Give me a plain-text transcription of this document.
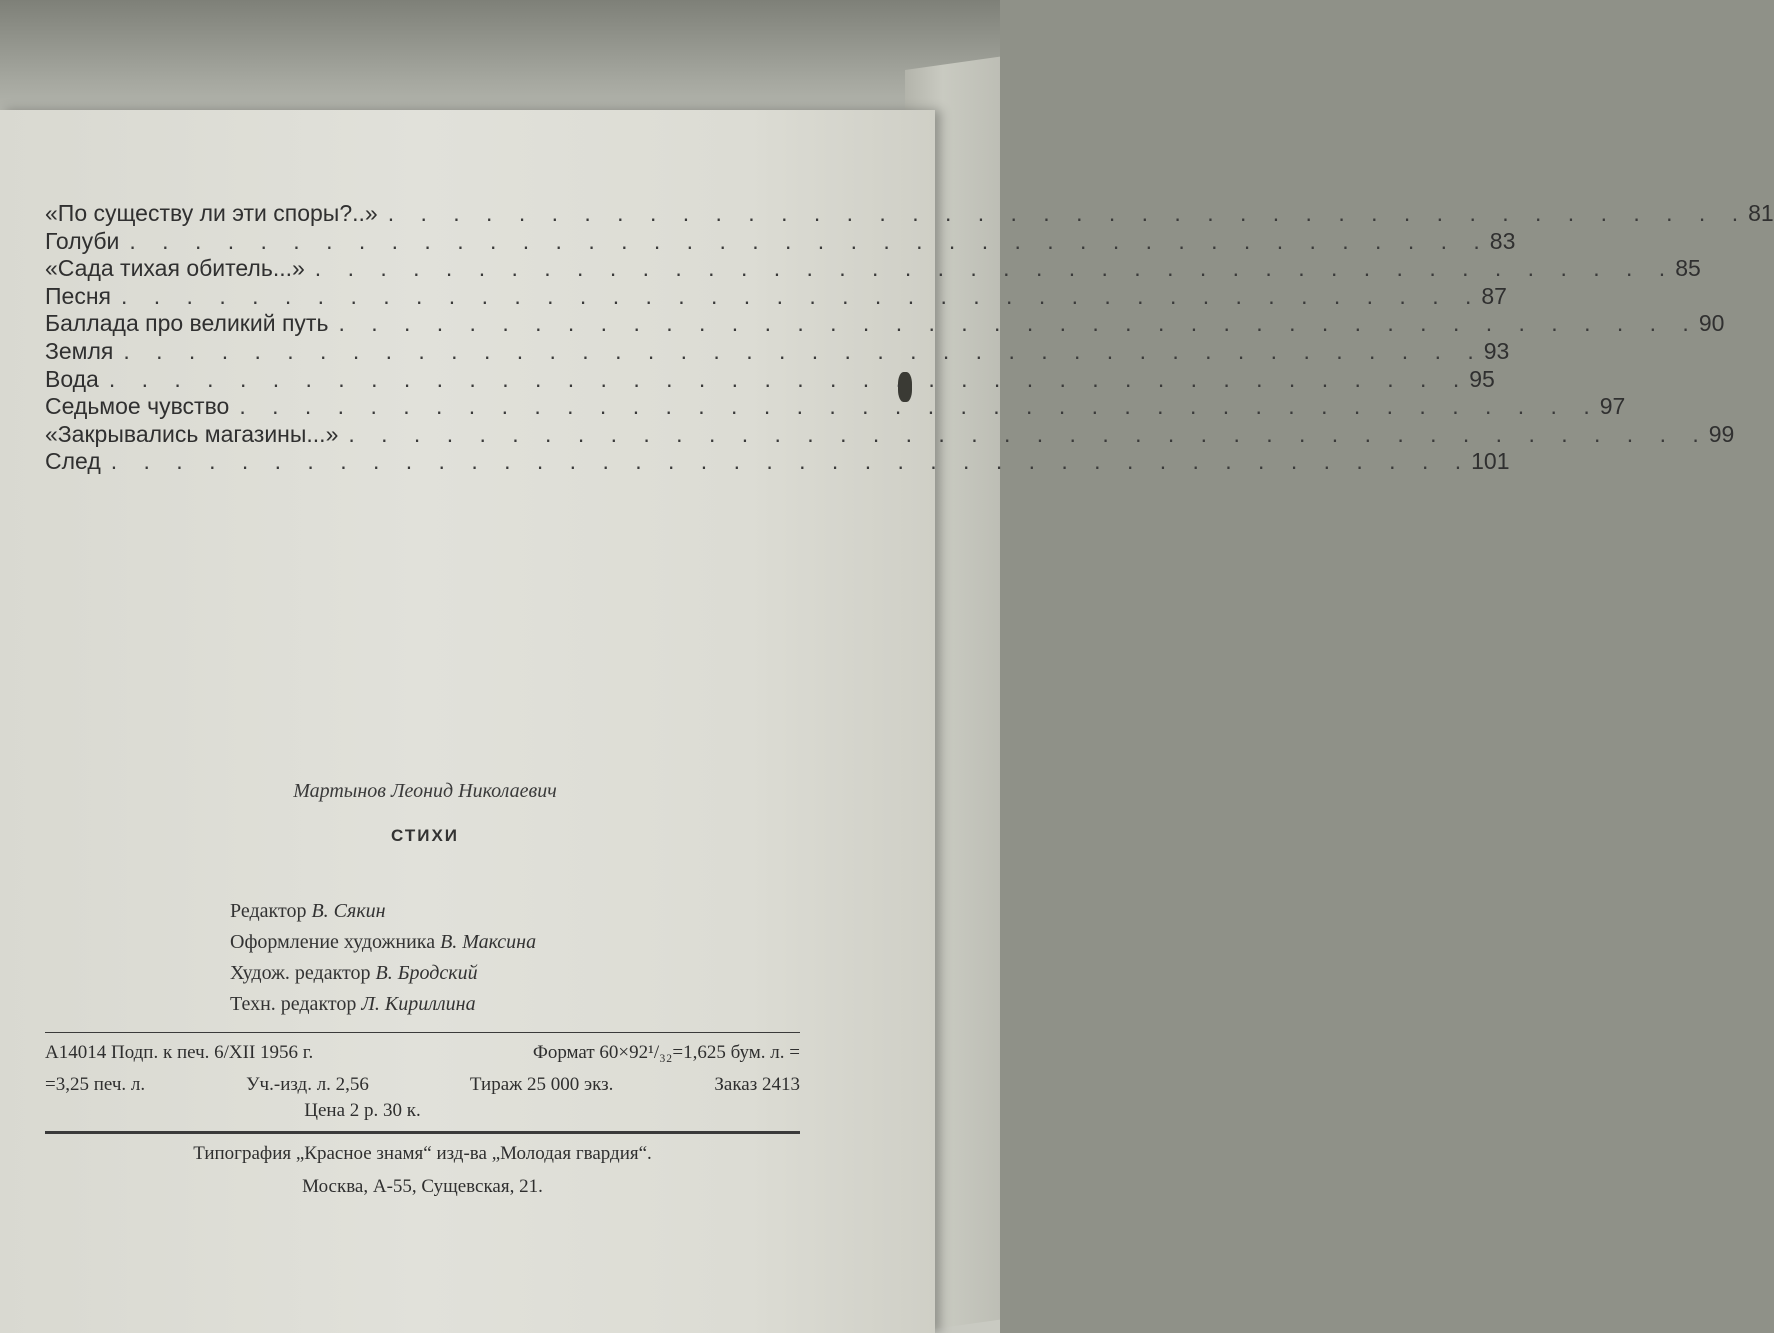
«По существу ли эти споры?..» . . . . . . . . . . . . . . . . . . . . . . . . . . . . . . . . . . . . . . . . . . 81
Голуби . . . . . . . . . . . . . . . . . . . . . . . . . . . . . . . . . . . . . . . . . . 83
«Сада тихая обитель...» . . . . . . . . . . . . . . . . . . . . . . . . . . . . . . . . . . . . . . . . . . 85
Песня . . . . . . . . . . . . . . . . . . . . . . . . . . . . . . . . . . . . . . . . . . 87
Баллада про великий путь . . . . . . . . . . . . . . . . . . . . . . . . . . . . . . . . . . . . . . . . . . 90
Земля . . . . . . . . . . . . . . . . . . . . . . . . . . . . . . . . . . . . . . . . . . 93
Вода . . . . . . . . . . . . . . . . . . . . . . . . . . . . . . . . . . . . . . . . . . 95
Седьмое чувство . . . . . . . . . . . . . . . . . . . . . . . . . . . . . . . . . . . . . . . . . . 97
«Закрывались магазины...» . . . . . . . . . . . . . . . . . . . . . . . . . . . . . . . . . . . . . . . . . . 99
След . . . . . . . . . . . . . . . . . . . . . . . . . . . . . . . . . . . . . . . . . . 101
Мартынов Леонид Николаевич
СТИХИ
Редактор В. Сякин
Оформление художника В. Максина
Худож. редактор В. Бродский
Техн. редактор Л. Кириллина
А14014 Подп. к печ. 6/XII 1956 г.	Формат 60×92¹/₃₂=1,625 бум. л. =
=3,25 печ. л.	Уч.-изд. л. 2,56	Тираж 25 000 экз.	Заказ 2413
Цена 2 р. 30 к.
Типография „Красное знамя“ изд-ва „Молодая гвардия“.
Москва, А-55, Сущевская, 21.
